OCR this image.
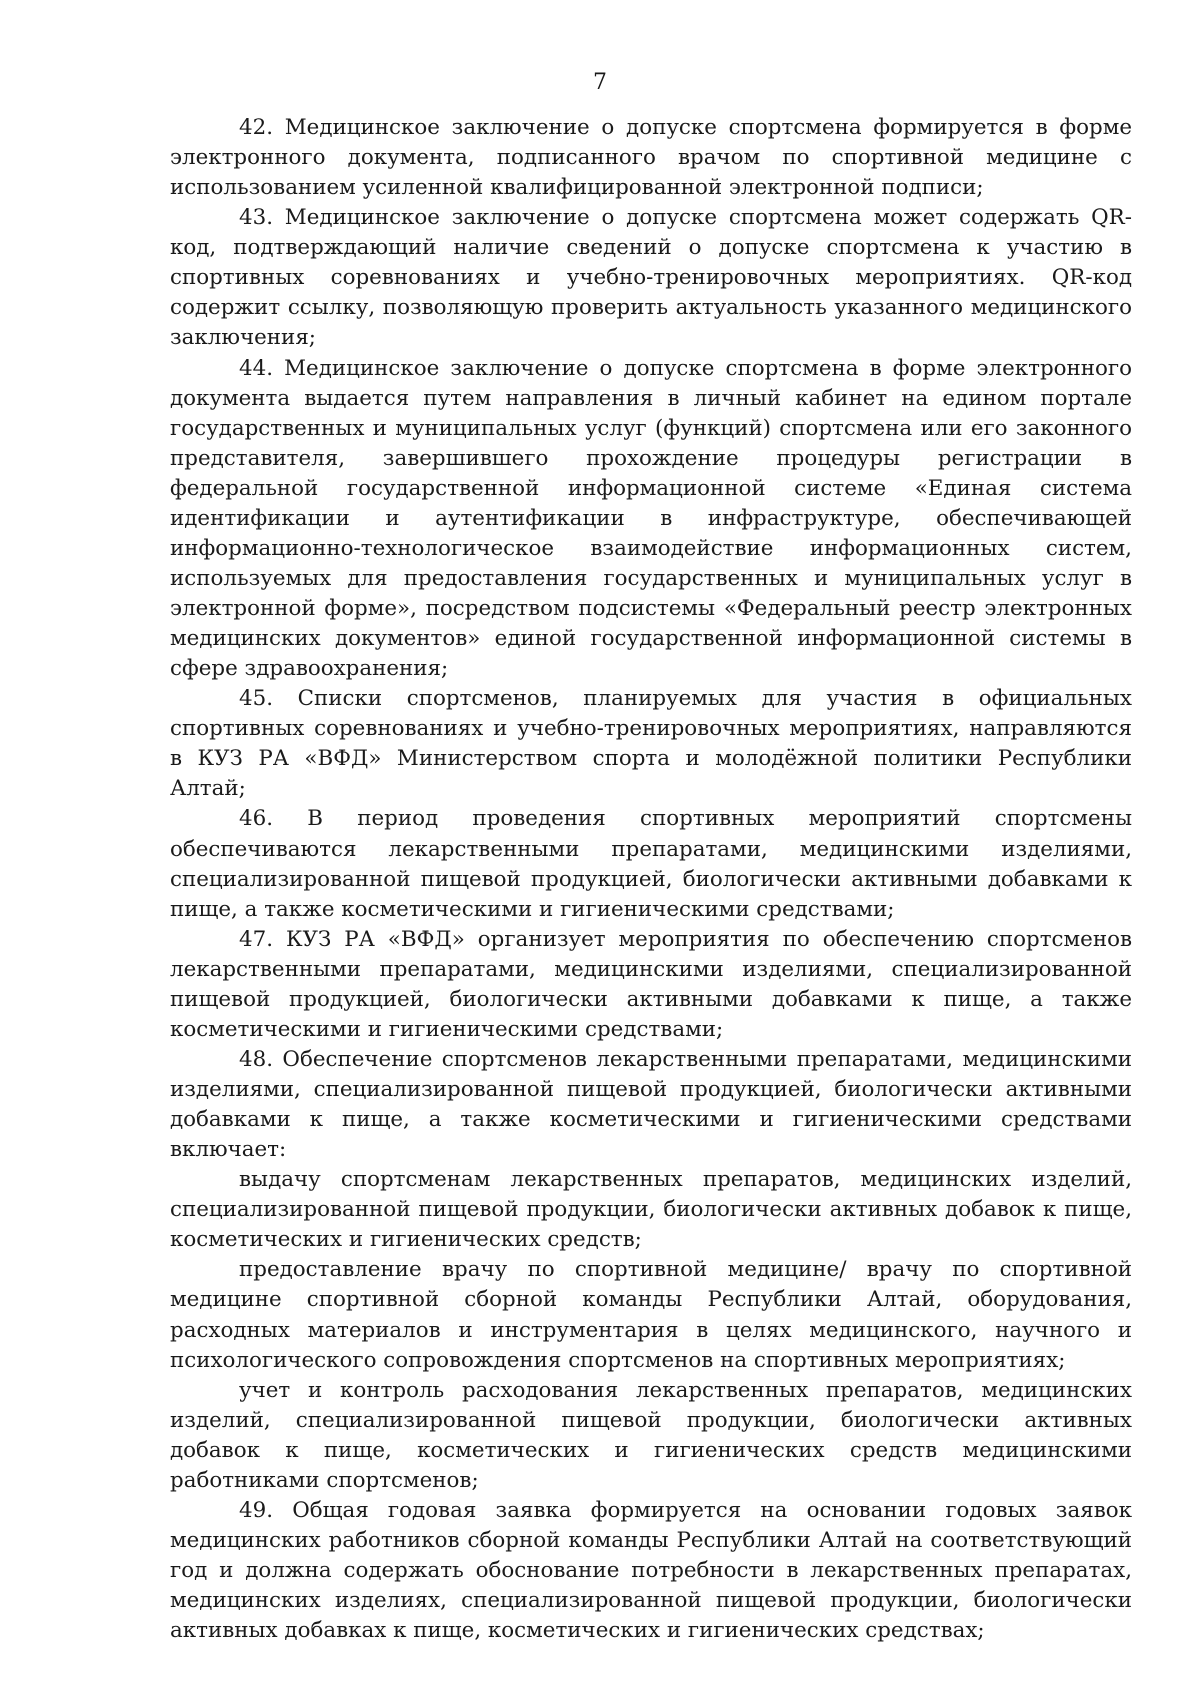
7

42. Медицинское заключение о допуске спортсмена формируется в форме электронного документа, подписанного врачом по спортивной медицине с использованием усиленной квалифицированной электронной подписи;

43. Медицинское заключение о допуске спортсмена может содержать QR-код, подтверждающий наличие сведений о допуске спортсмена к участию в спортивных соревнованиях и учебно-тренировочных мероприятиях. QR-код содержит ссылку, позволяющую проверить актуальность указанного медицинского заключения;

44. Медицинское заключение о допуске спортсмена в форме электронного документа выдается путем направления в личный кабинет на едином портале государственных и муниципальных услуг (функций) спортсмена или его законного представителя, завершившего прохождение процедуры регистрации в федеральной государственной информационной системе «Единая система идентификации и аутентификации в инфраструктуре, обеспечивающей информационно-технологическое взаимодействие информационных систем, используемых для предоставления государственных и муниципальных услуг в электронной форме», посредством подсистемы «Федеральный реестр электронных медицинских документов» единой государственной информационной системы в сфере здравоохранения;

45. Списки спортсменов, планируемых для участия в официальных спортивных соревнованиях и учебно-тренировочных мероприятиях, направляются в КУЗ РА «ВФД» Министерством спорта и молодёжной политики Республики Алтай;

46. В период проведения спортивных мероприятий спортсмены обеспечиваются лекарственными препаратами, медицинскими изделиями, специализированной пищевой продукцией, биологически активными добавками к пище, а также косметическими и гигиеническими средствами;

47. КУЗ РА «ВФД» организует мероприятия по обеспечению спортсменов лекарственными препаратами, медицинскими изделиями, специализированной пищевой продукцией, биологически активными добавками к пище, а также косметическими и гигиеническими средствами;

48. Обеспечение спортсменов лекарственными препаратами, медицинскими изделиями, специализированной пищевой продукцией, биологически активными добавками к пище, а также косметическими и гигиеническими средствами включает:

выдачу спортсменам лекарственных препаратов, медицинских изделий, специализированной пищевой продукции, биологически активных добавок к пище, косметических и гигиенических средств;

предоставление врачу по спортивной медицине/ врачу по спортивной медицине спортивной сборной команды Республики Алтай, оборудования, расходных материалов и инструментария в целях медицинского, научного и психологического сопровождения спортсменов на спортивных мероприятиях;

учет и контроль расходования лекарственных препаратов, медицинских изделий, специализированной пищевой продукции, биологически активных добавок к пище, косметических и гигиенических средств медицинскими работниками спортсменов;

49. Общая годовая заявка формируется на основании годовых заявок медицинских работников сборной команды Республики Алтай на соответствующий год и должна содержать обоснование потребности в лекарственных препаратах, медицинских изделиях, специализированной пищевой продукции, биологически активных добавках к пище, косметических и гигиенических средствах;
